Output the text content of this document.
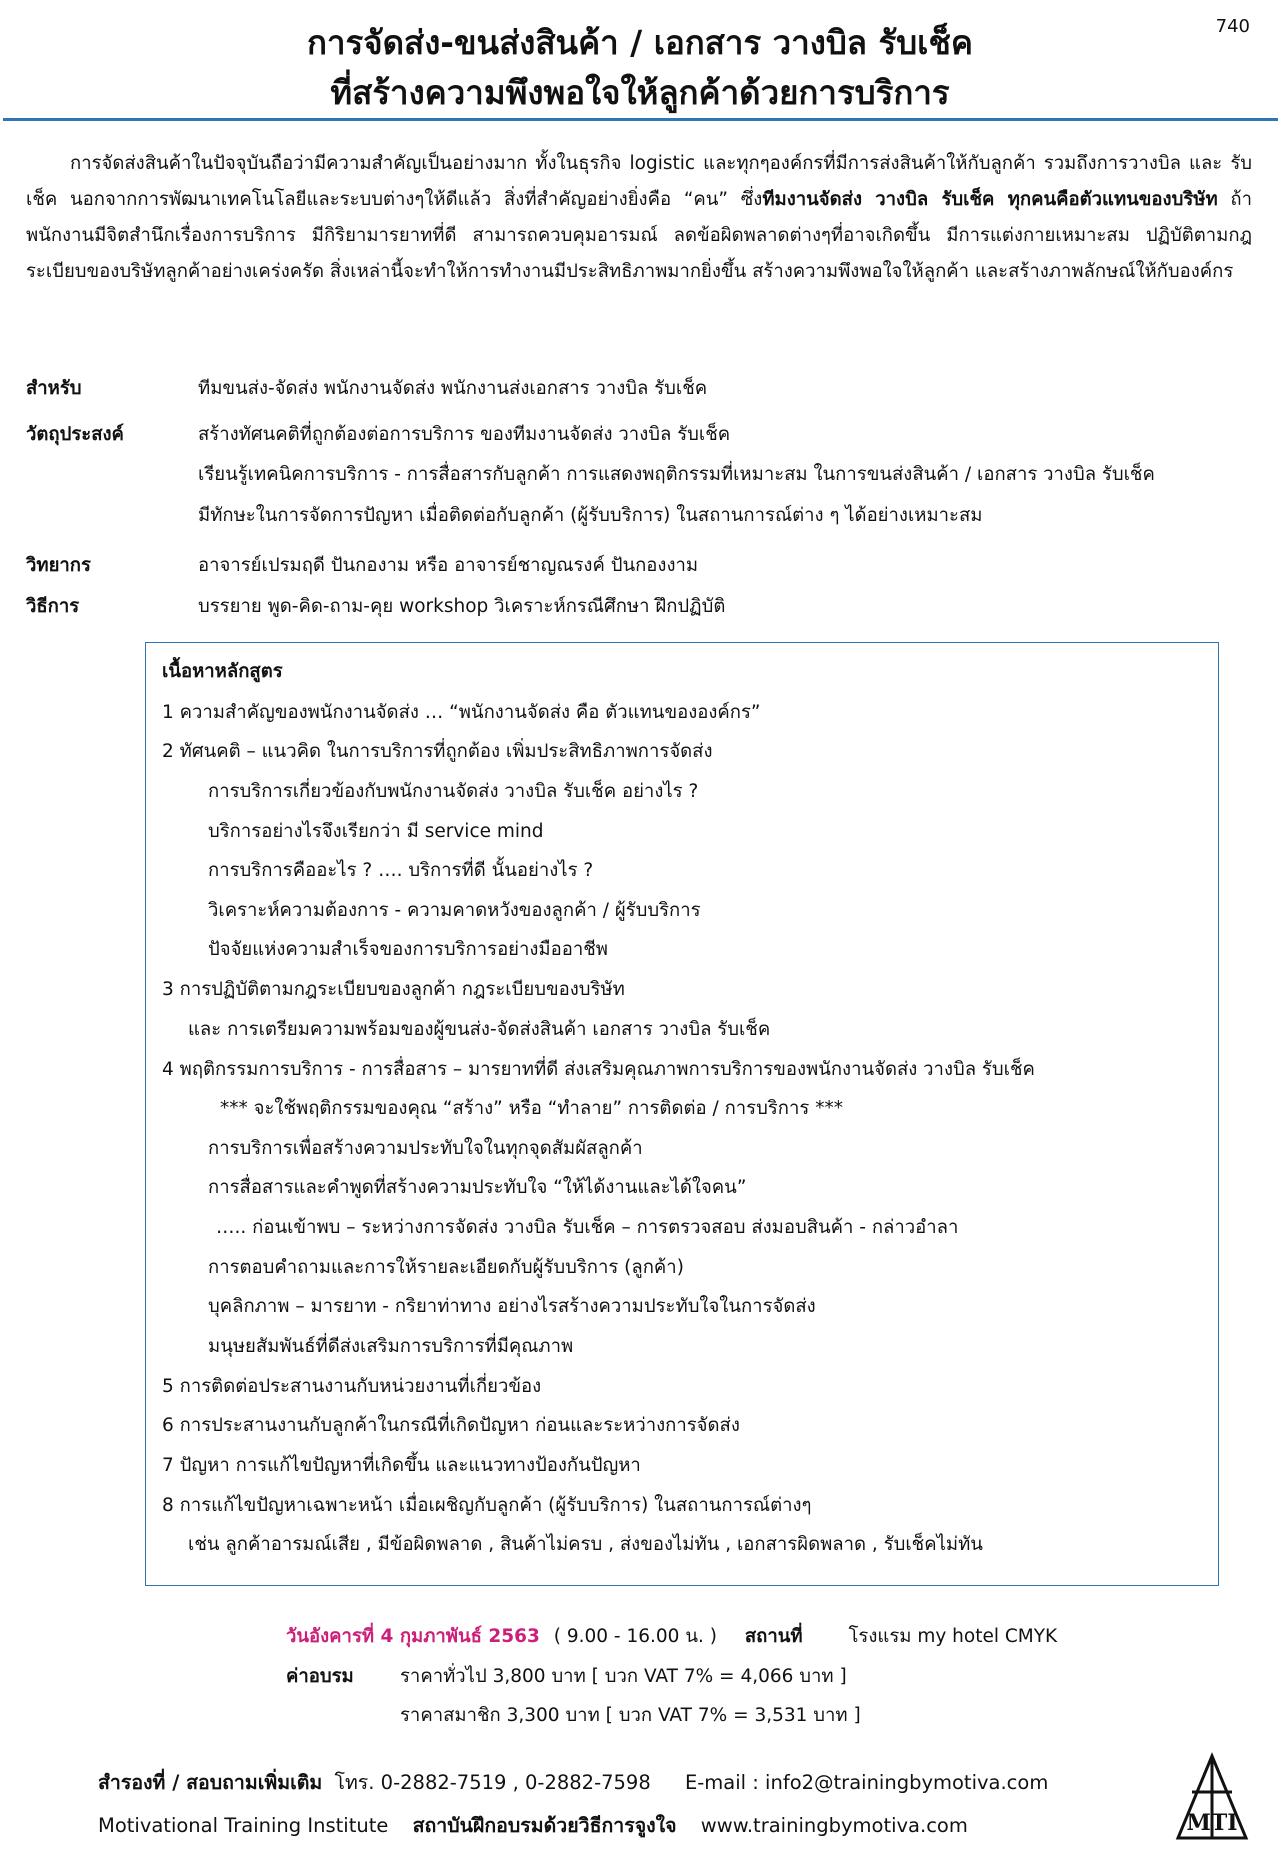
740
การจัดส่ง-ขนส่งสินค้า / เอกสาร วางบิล รับเช็ค
ที่สร้างความพึงพอใจให้ลูกค้าด้วยการบริการ
การจัดส่งสินค้าในปัจจุบันถือว่ามีความสำคัญเป็นอย่างมาก ทั้งในธุรกิจ logistic และทุกๆองค์กรที่มีการส่งสินค้าให้กับลูกค้า รวมถึงการวางบิล และ รับเช็ค นอกจากการพัฒนาเทคโนโลยีและระบบต่างๆให้ดีแล้ว สิ่งที่สำคัญอย่างยิ่งคือ “คน” ซึ่งทีมงานจัดส่ง วางบิล รับเช็ค ทุกคนคือตัวแทนของบริษัท ถ้าพนักงานมีจิตสำนึกเรื่องการบริการ มีกิริยามารยาทที่ดี สามารถควบคุมอารมณ์ ลดข้อผิดพลาดต่างๆที่อาจเกิดขึ้น มีการแต่งกายเหมาะสม ปฏิบัติตามกฎระเบียบของบริษัทลูกค้าอย่างเคร่งครัด สิ่งเหล่านี้จะทำให้การทำงานมีประสิทธิภาพมากยิ่งขึ้น สร้างความพึงพอใจให้ลูกค้า และสร้างภาพลักษณ์ให้กับองค์กร
สำหรับ	ทีมขนส่ง-จัดส่ง พนักงานจัดส่ง พนักงานส่งเอกสาร วางบิล รับเช็ค
วัตถุประสงค์	สร้างทัศนคติที่ถูกต้องต่อการบริการ ของทีมงานจัดส่ง วางบิล รับเช็ค
เรียนรู้เทคนิคการบริการ - การสื่อสารกับลูกค้า การแสดงพฤติกรรมที่เหมาะสม ในการขนส่งสินค้า / เอกสาร วางบิล รับเช็ค
มีทักษะในการจัดการปัญหา เมื่อติดต่อกับลูกค้า (ผู้รับบริการ) ในสถานการณ์ต่าง ๆ ได้อย่างเหมาะสม
วิทยากร	อาจารย์เปรมฤดี ปันกองาม หรือ อาจารย์ชาญณรงค์ ปันกองงาม
วิธีการ	บรรยาย พูด-คิด-ถาม-คุย workshop วิเคราะห์กรณีศึกษา ฝึกปฏิบัติ
เนื้อหาหลักสูตร
1 ความสำคัญของพนักงานจัดส่ง … “พนักงานจัดส่ง คือ ตัวแทนขององค์กร”
2 ทัศนคติ – แนวคิด ในการบริการที่ถูกต้อง เพิ่มประสิทธิภาพการจัดส่ง
การบริการเกี่ยวข้องกับพนักงานจัดส่ง วางบิล รับเช็ค อย่างไร ?
บริการอย่างไรจึงเรียกว่า มี service mind
การบริการคืออะไร ? …. บริการที่ดี นั้นอย่างไร ?
วิเคราะห์ความต้องการ - ความคาดหวังของลูกค้า / ผู้รับบริการ
ปัจจัยแห่งความสำเร็จของการบริการอย่างมืออาชีพ
3 การปฏิบัติตามกฎระเบียบของลูกค้า กฎระเบียบของบริษัท
และ การเตรียมความพร้อมของผู้ขนส่ง-จัดส่งสินค้า เอกสาร วางบิล รับเช็ค
4 พฤติกรรมการบริการ - การสื่อสาร – มารยาทที่ดี ส่งเสริมคุณภาพการบริการของพนักงานจัดส่ง วางบิล รับเช็ค
*** จะใช้พฤติกรรมของคุณ “สร้าง” หรือ “ทำลาย” การติดต่อ / การบริการ ***
การบริการเพื่อสร้างความประทับใจในทุกจุดสัมผัสลูกค้า
การสื่อสารและคำพูดที่สร้างความประทับใจ “ให้ได้งานและได้ใจคน”
….. ก่อนเข้าพบ – ระหว่างการจัดส่ง วางบิล รับเช็ค – การตรวจสอบ ส่งมอบสินค้า - กล่าวอำลา
การตอบคำถามและการให้รายละเอียดกับผู้รับบริการ (ลูกค้า)
บุคลิกภาพ – มารยาท - กริยาท่าทาง อย่างไรสร้างความประทับใจในการจัดส่ง
มนุษยสัมพันธ์ที่ดีส่งเสริมการบริการที่มีคุณภาพ
5 การติดต่อประสานงานกับหน่วยงานที่เกี่ยวข้อง
6 การประสานงานกับลูกค้าในกรณีที่เกิดปัญหา ก่อนและระหว่างการจัดส่ง
7 ปัญหา การแก้ไขปัญหาที่เกิดขึ้น และแนวทางป้องกันปัญหา
8 การแก้ไขปัญหาเฉพาะหน้า เมื่อเผชิญกับลูกค้า (ผู้รับบริการ) ในสถานการณ์ต่างๆ
เช่น ลูกค้าอารมณ์เสีย , มีข้อผิดพลาด , สินค้าไม่ครบ , ส่งของไม่ทัน , เอกสารผิดพลาด , รับเช็คไม่ทัน
วันอังคารที่ 4 กุมภาพันธ์ 2563 ( 9.00 - 16.00 น. ) สถานที่ โรงแรม my hotel CMYK
ค่าอบรม	ราคาทั่วไป 3,800 บาท [ บวก VAT 7% = 4,066 บาท ]
ราคาสมาชิก 3,300 บาท [ บวก VAT 7% = 3,531 บาท ]
สำรองที่ / สอบถามเพิ่มเติม โทร. 0-2882-7519 , 0-2882-7598 E-mail : info2@trainingbymotiva.com
Motivational Training Institute สถาบันฝึกอบรมด้วยวิธีการจูงใจ www.trainingbymotiva.com	MTI
